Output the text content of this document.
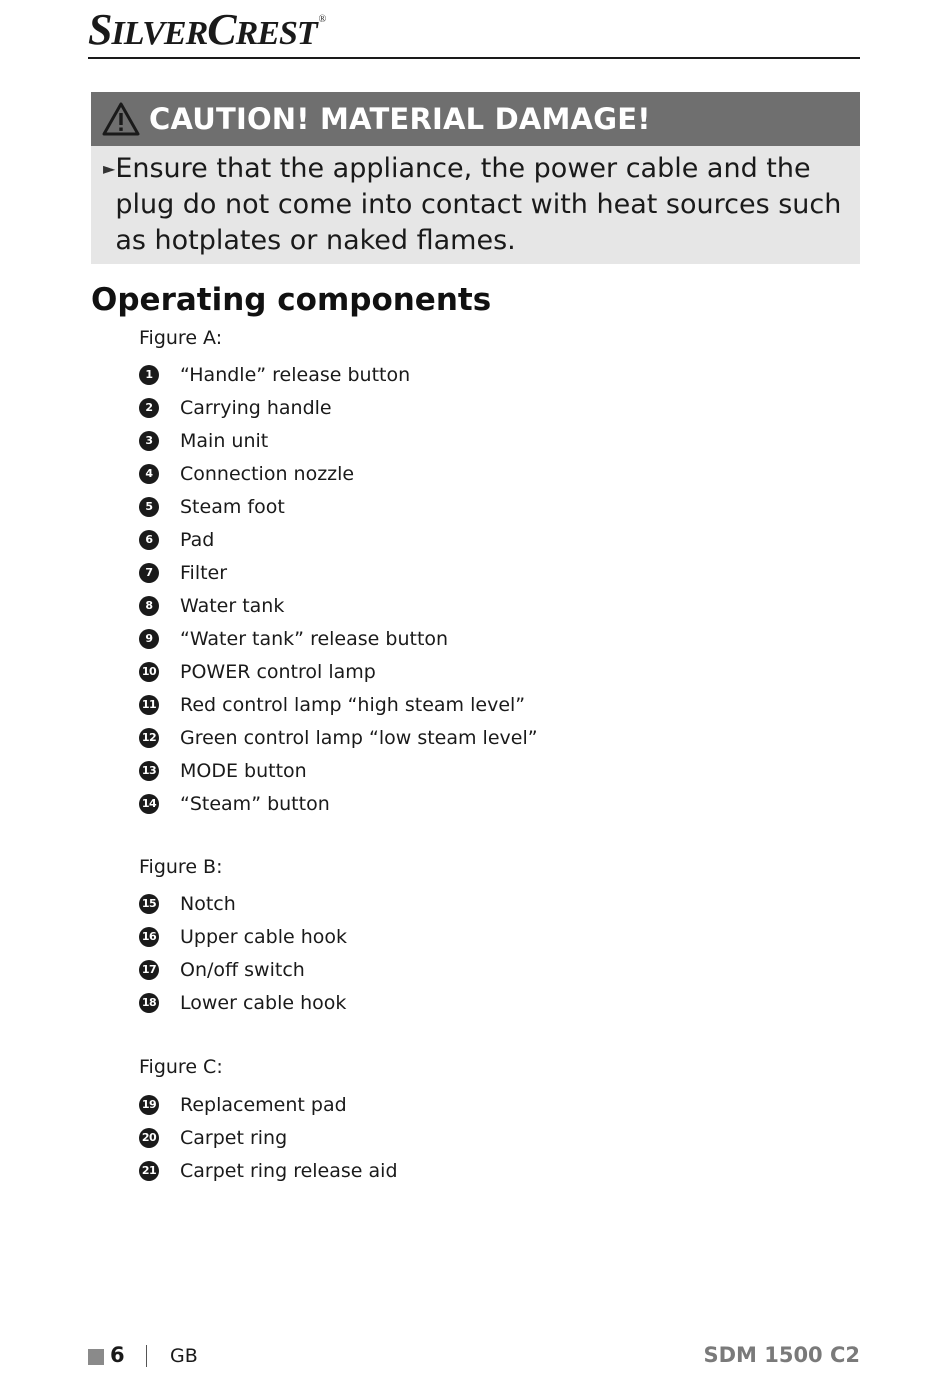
SILVERCREST ®
CAUTION! MATERIAL DAMAGE!
► Ensure that the appliance, the power cable and the plug do not come into contact with heat sources such as hotplates or naked flames.
Operating components
Figure A:
1	“Handle” release button
2	Carrying handle
3	Main unit
4	Connection nozzle
5	Steam foot
6	Pad
7	Filter
8	Water tank
9	“Water tank” release button
10 POWER control lamp
11 Red control lamp “high steam level”
12 Green control lamp “low steam level”
13 MODE button
14 “Steam” button
Figure B:
15 Notch
16 Upper cable hook
17 On/off switch
18 Lower cable hook
Figure C:
19 Replacement pad
20 Carpet ring
21 Carpet ring release aid
6 GB	SDM 1500 C2
